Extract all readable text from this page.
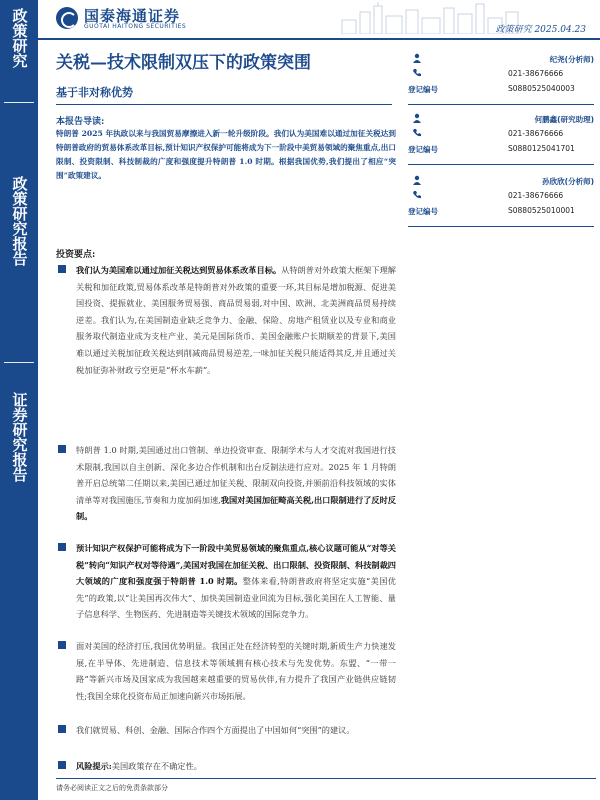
政策研究
政策研究报告
证券研究报告
国泰海通证券
GUOTAI HAITONG SECURITIES	政策研究 2025.04.23
关税—技术限制双压下的政策突围
基于非对称优势
纪尧(分析师)
021-38676666
登记编号	S0880525040003
何鹏鑫(研究助理)
021-38676666
登记编号	S0880125041701
孙欣欣(分析师)
021-38676666
登记编号	S0880525010001
本报告导读:
特朗普 2025 年执政以来与我国贸易摩擦进入新一轮升级阶段。我们认为美国难以通过加征关税达到特朗普政府的贸易体系改革目标,预计知识产权保护可能将成为下一阶段中美贸易领域的聚焦重点,出口限制、投资限制、科技制裁的广度和强度提升特朗普 1.0 时期。根据我国优势,我们提出了相应“突围”政策建议。
投资要点:
我们认为美国难以通过加征关税达到贸易体系改革目标。从特朗普对外政策大框架下理解关税和加征政策,贸易体系改革是特朗普对外政策的重要一环,其目标是增加税源、促进美国投资、提振就业、美国服务贸易强、商品贸易弱,对中国、欧洲、北美洲商品贸易持续逆差。我们认为,在美国制造业缺乏竞争力、金融、保险、房地产租赁业以及专业和商业服务取代制造业成为支柱产业、美元是国际货币、美国金融账户长期顺差的背景下,美国难以通过关税加征政关税达到削减商品贸易逆差,一味加征关税只能适得其反,并且通过关税加征弥补财政亏空更是“杯水车薪”。
特朗普 1.0 时期,美国通过出口管制、单边投资审查、限制学术与人才交流对我国进行技术限制,我国以自主创新、深化多边合作机制和出台反制法进行应对。2025 年 1 月特朗普开启总统第二任期以来,美国已通过加征关税、限制双向投资,并颁前沿科技领域的实体清单等对我国施压,节奏和力度加码加速,我国对美国加征畸高关税,出口限制进行了反时反制。
预计知识产权保护可能将成为下一阶段中美贸易领域的聚焦重点,核心议题可能从“对等关税”转向“知识产权对等待遇”,美国对我国在加征关税、出口限制、投资限制、科技制裁四大领域的广度和强度强于特朗普 1.0 时期。整体来看,特朗普政府将坚定实施“美国优先”的政策,以“让美国再次伟大”、加快美国制造业回流为目标,强化美国在人工智能、量子信息科学、生物医药、先进制造等关键技术领域的国际竞争力。
面对美国的经济打压,我国优势明显。我国正处在经济转型的关键时期,新质生产力快速发展,在半导体、先进制造、信息技术等领域拥有核心技术与先发优势。东盟、“一带一路”等新兴市场及国家成为我国越来越重要的贸易伙伴,有力提升了我国产业链供应链韧性;我国全球化投资布局正加速向新兴市场拓展。
我们就贸易、科创、金融、国际合作四个方面提出了中国如何“突围”的建议。
风险提示:美国政策存在不确定性。
请务必阅读正文之后的免责条款部分
